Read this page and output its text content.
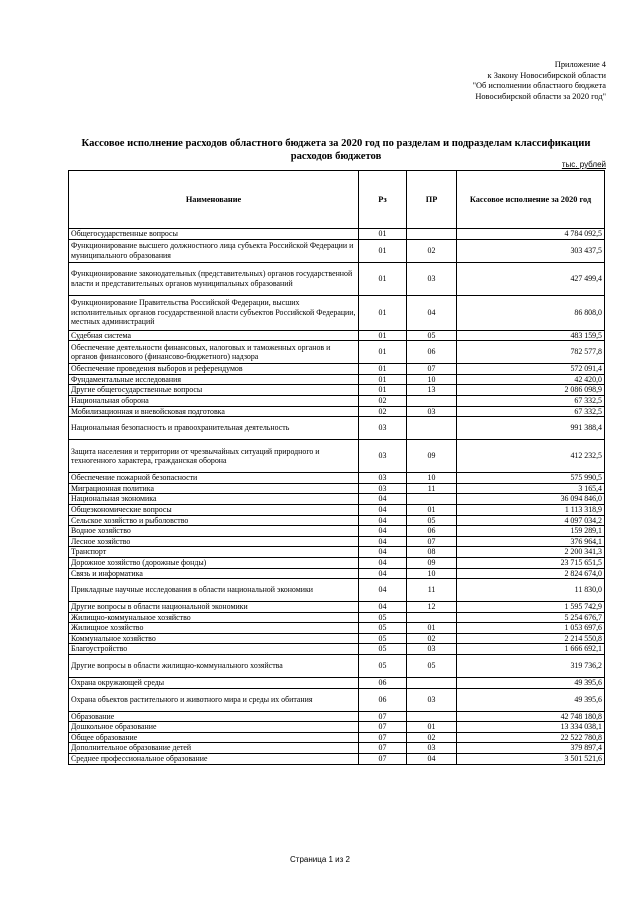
Приложение 4
к Закону Новосибирской области
"Об исполнении областного бюджета
Новосибирской области за 2020 год"
Кассовое исполнение расходов областного бюджета за 2020 год по разделам и подразделам классификации расходов бюджетов
тыс. рублей
Наименование	Рз	ПР	Кассовое исполнение за 2020 год
Общегосударственные вопросы	01		4 784 092,5
Функционирование высшего должностного лица субъекта Российской Федерации и муниципального образования	01	02	303 437,5
Функционирование законодательных (представительных) органов государственной власти и представительных органов муниципальных образований	01	03	427 499,4
Функционирование Правительства Российской Федерации, высших исполнительных органов государственной власти субъектов Российской Федерации, местных администраций	01	04	86 808,0
Судебная система	01	05	483 159,5
Обеспечение деятельности финансовых, налоговых и таможенных органов и органов финансового (финансово-бюджетного) надзора	01	06	782 577,8
Обеспечение проведения выборов и референдумов	01	07	572 091,4
Фундаментальные исследования	01	10	42 420,0
Другие общегосударственные вопросы	01	13	2 086 098,9
Национальная оборона	02		67 332,5
Мобилизационная и вневойсковая подготовка	02	03	67 332,5
Национальная безопасность и правоохранительная деятельность	03		991 388,4
Защита населения и территории от чрезвычайных ситуаций природного и техногенного характера, гражданская оборона	03	09	412 232,5
Обеспечение пожарной безопасности	03	10	575 990,5
Миграционная политика	03	11	3 165,4
Национальная экономика	04		36 094 846,0
Общеэкономические вопросы	04	01	1 113 318,9
Сельское хозяйство и рыболовство	04	05	4 097 034,2
Водное хозяйство	04	06	159 289,1
Лесное хозяйство	04	07	376 964,1
Транспорт	04	08	2 200 341,3
Дорожное хозяйство (дорожные фонды)	04	09	23 715 651,5
Связь и информатика	04	10	2 824 674,0
Прикладные научные исследования в области национальной экономики	04	11	11 830,0
Другие вопросы в области национальной экономики	04	12	1 595 742,9
Жилищно-коммунальное хозяйство	05		5 254 676,7
Жилищное хозяйство	05	01	1 053 697,6
Коммунальное хозяйство	05	02	2 214 550,8
Благоустройство	05	03	1 666 692,1
Другие вопросы в области жилищно-коммунального хозяйства	05	05	319 736,2
Охрана окружающей среды	06		49 395,6
Охрана объектов растительного и животного мира и среды их обитания	06	03	49 395,6
Образование	07		42 748 180,8
Дошкольное образование	07	01	13 334 038,1
Общее образование	07	02	22 522 780,8
Дополнительное образование детей	07	03	379 897,4
Среднее профессиональное образование	07	04	3 501 521,6
Страница 1 из 2
